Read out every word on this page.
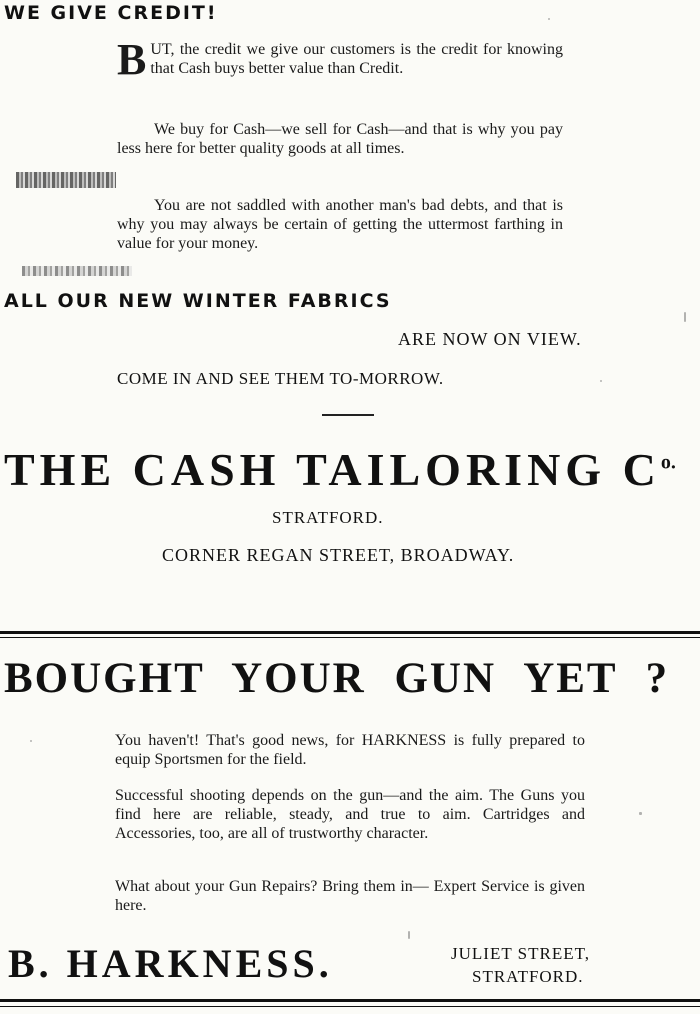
WE GIVE CREDIT!
B UT, the credit we give our customers is the credit for knowing that Cash buys better value than Credit.
We buy for Cash—we sell for Cash—and that is why you pay less here for better quality goods at all times.
You are not saddled with another man's bad debts, and that is why you may always be certain of getting the uttermost farthing in value for your money.
ALL OUR NEW WINTER FABRICS
ARE NOW ON VIEW.
COME IN AND SEE THEM TO-MORROW.
THE CASH TAILORING $C^{o.}$
STRATFORD.
CORNER REGAN STREET, BROADWAY.
BOUGHT YOUR GUN YET ?
You haven't! That's good news, for HARKNESS is fully prepared to equip Sportsmen for the field.
Successful shooting depends on the gun—and the aim. The Guns you find here are reliable, steady, and true to aim. Cartridges and Accessories, too, are all of trustworthy character.
What about your Gun Repairs? Bring them in— Expert Service is given here.
B. HARKNESS.	JULIET STREET,
STRATFORD.
